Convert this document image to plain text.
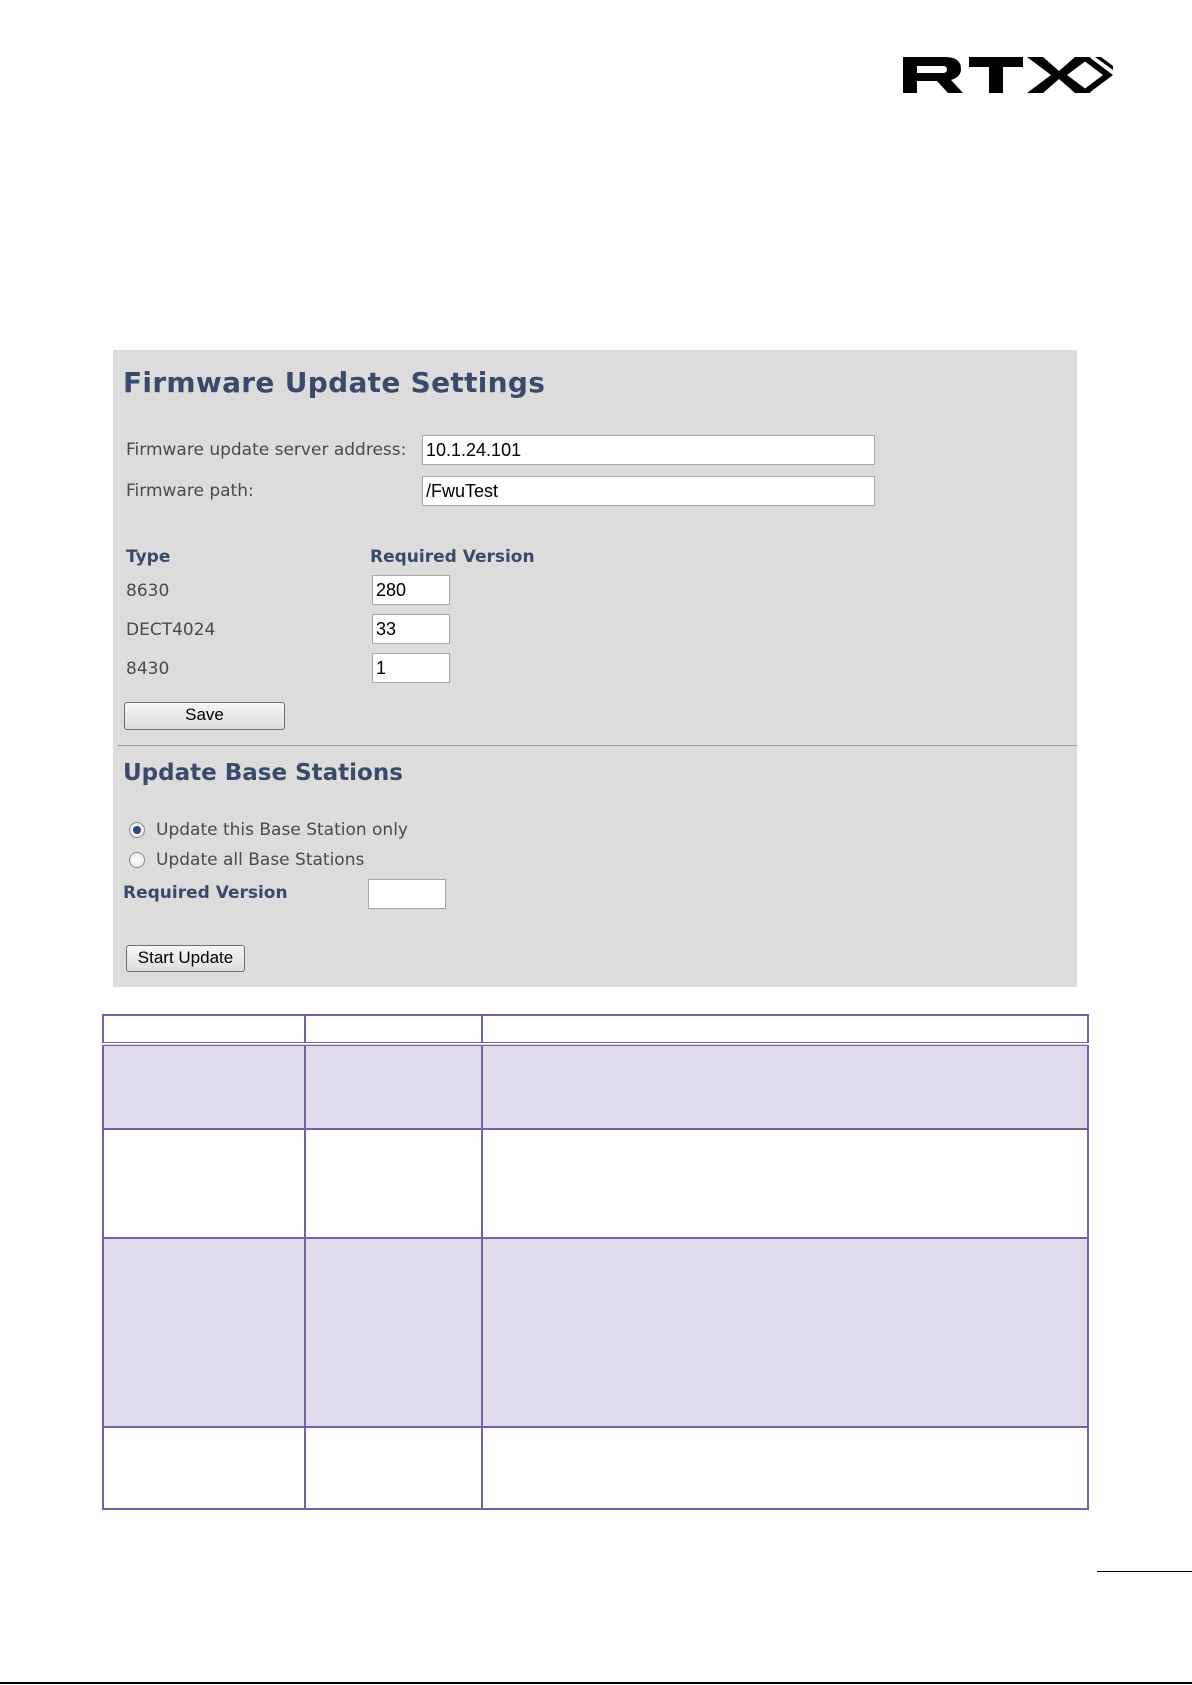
Firmware Update Settings
Firmware update server address: 10.1.24.101
Firmware path:	/FwuTest
Type	Required Version
8630	280
DECT4024	33
8430	1
Save
Update Base Stations
Update this Base Station only
Update all Base Stations
Required Version
Start Update
